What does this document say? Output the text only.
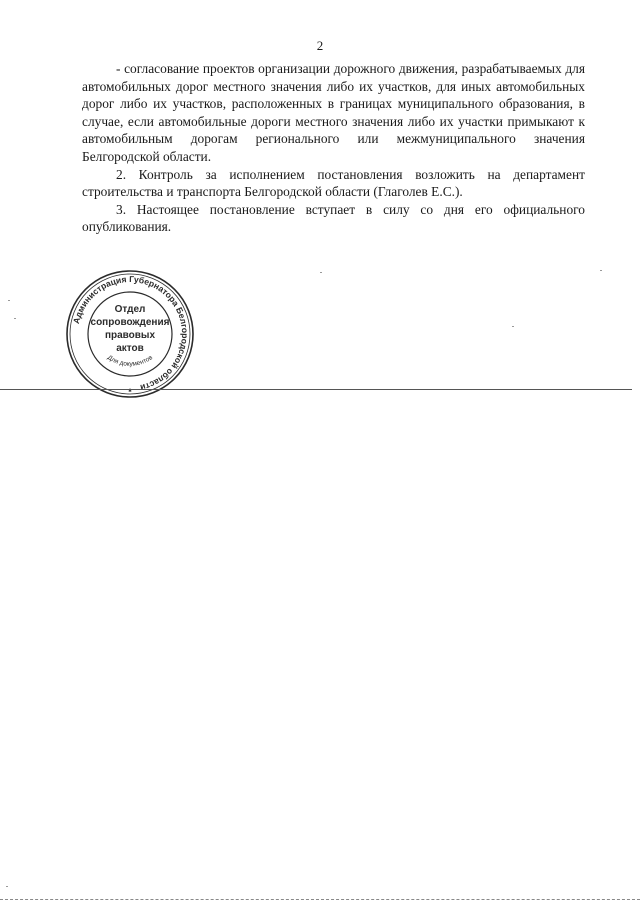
2

- согласование проектов организации дорожного движения, разрабатываемых для автомобильных дорог местного значения либо их участков, для иных автомобильных дорог либо их участков, расположенных в границах муниципального образования, в случае, если автомобильные дороги местного значения либо их участки примыкают к автомобильным дорогам регионального или межмуниципального значения Белгородской области.

2. Контроль за исполнением постановления возложить на департамент строительства и транспорта Белгородской области (Глаголев Е.С.).

3. Настоящее постановление вступает в силу со дня его официального опубликования.

Администрация Губернатора Белгородской области
Для документов
Отдел
сопровождения
правовых
актов
*
